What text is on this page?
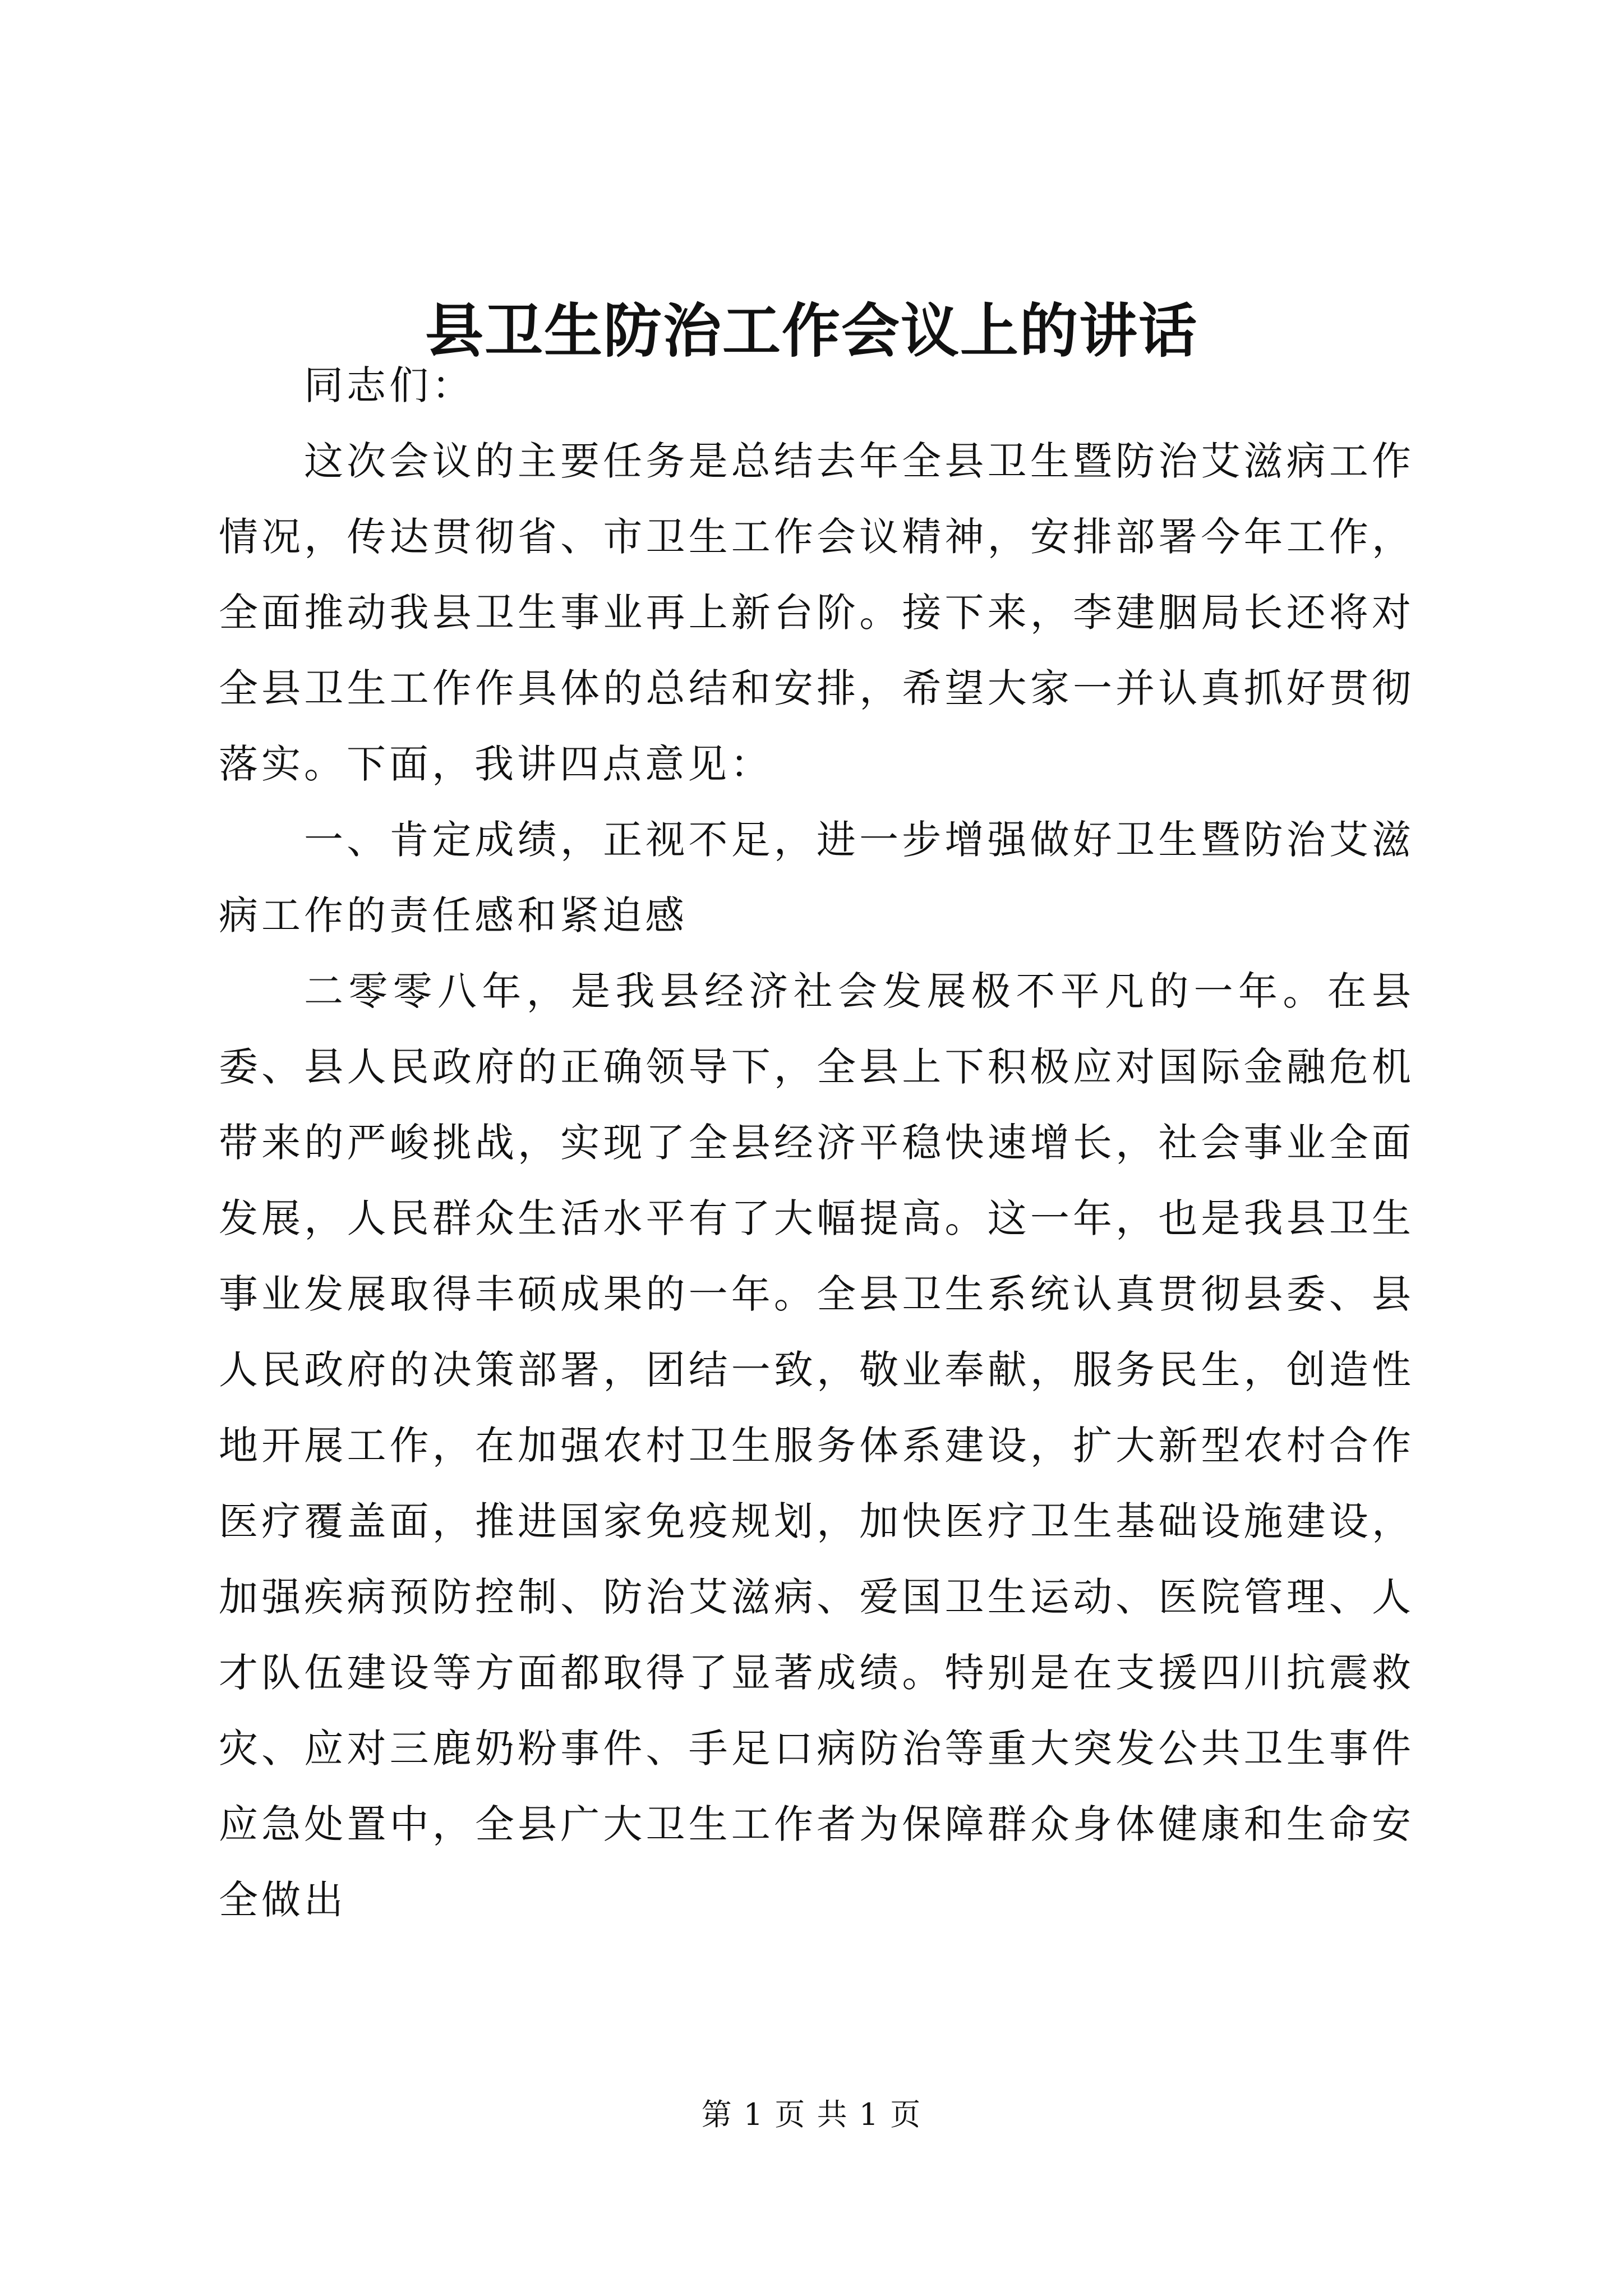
县卫生防治工作会议上的讲话

同志们：

这次会议的主要任务是总结去年全县卫生暨防治艾滋病工作情况，传达贯彻省、市卫生工作会议精神，安排部署今年工作，全面推动我县卫生事业再上新台阶。接下来，李建胭局长还将对全县卫生工作作具体的总结和安排，希望大家一并认真抓好贯彻落实。下面，我讲四点意见：

一、肯定成绩，正视不足，进一步增强做好卫生暨防治艾滋病工作的责任感和紧迫感

二零零八年，是我县经济社会发展极不平凡的一年。在县委、县人民政府的正确领导下，全县上下积极应对国际金融危机带来的严峻挑战，实现了全县经济平稳快速增长，社会事业全面发展，人民群众生活水平有了大幅提高。这一年，也是我县卫生事业发展取得丰硕成果的一年。全县卫生系统认真贯彻县委、县人民政府的决策部署，团结一致，敬业奉献，服务民生，创造性地开展工作，在加强农村卫生服务体系建设，扩大新型农村合作医疗覆盖面，推进国家免疫规划，加快医疗卫生基础设施建设，加强疾病预防控制、防治艾滋病、爱国卫生运动、医院管理、人才队伍建设等方面都取得了显著成绩。特别是在支援四川抗震救灾、应对三鹿奶粉事件、手足口病防治等重大突发公共卫生事件应急处置中，全县广大卫生工作者为保障群众身体健康和生命安全做出

第 1 页 共 1 页
